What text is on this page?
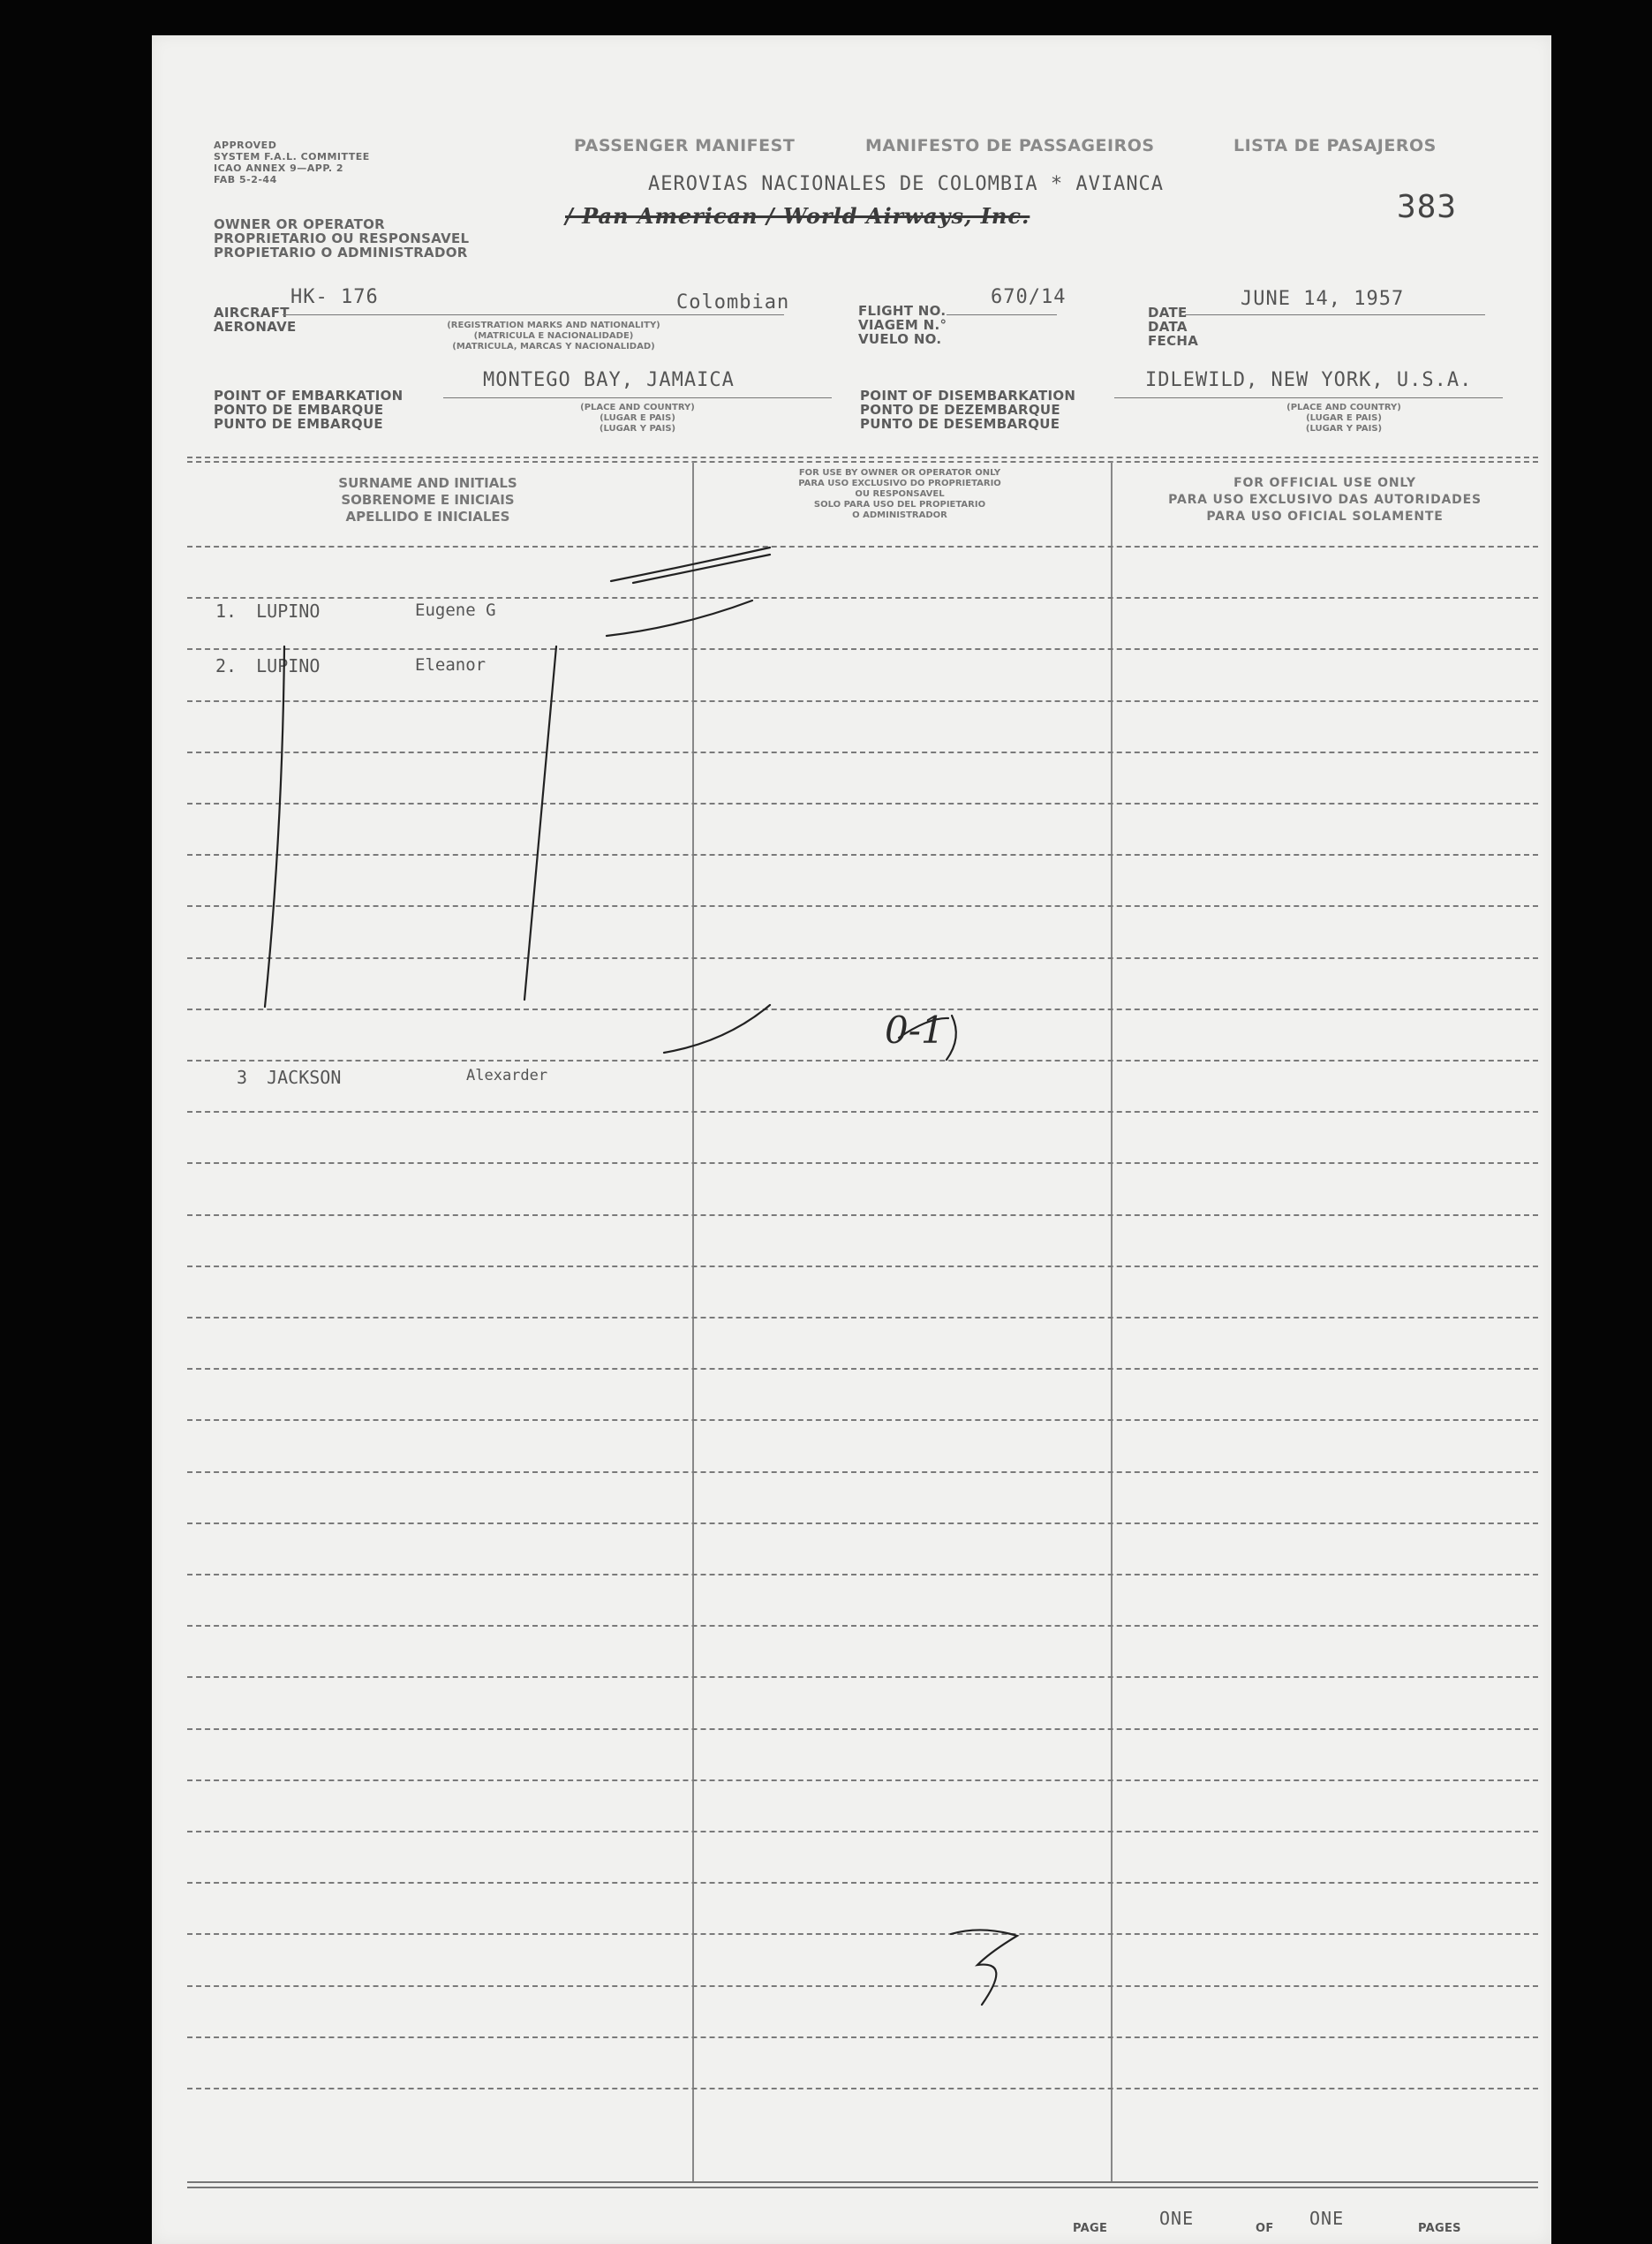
APPROVED
SYSTEM F.A.L. COMMITTEE
ICAO ANNEX 9—APP. 2
FAB 5-2-44
OWNER OR OPERATOR
PROPRIETARIO OU RESPONSAVEL
PROPIETARIO O ADMINISTRADOR
PASSENGER MANIFEST	MANIFESTO DE PASSAGEIROS	LISTA DE PASAJEROS
AEROVIAS NACIONALES DE COLOMBIA * AVIANCA
/ Pan American / World Airways, Inc.	383
AIRCRAFT
AERONAVE
HK- 176	Colombian
(REGISTRATION MARKS AND NATIONALITY)
(MATRICULA E NACIONALIDADE)
(MATRICULA, MARCAS Y NACIONALIDAD)
FLIGHT NO.
VIAGEM N.°
VUELO NO.
670/14
DATE
DATA
FECHA
JUNE 14, 1957
POINT OF EMBARKATION
PONTO DE EMBARQUE
PUNTO DE EMBARQUE
MONTEGO BAY, JAMAICA
(PLACE AND COUNTRY)
(LUGAR E PAIS)
(LUGAR Y PAIS)
POINT OF DISEMBARKATION
PONTO DE DEZEMBARQUE
PUNTO DE DESEMBARQUE
IDLEWILD, NEW YORK, U.S.A.
(PLACE AND COUNTRY)
(LUGAR E PAIS)
(LUGAR Y PAIS)
SURNAME AND INITIALS
SOBRENOME E INICIAIS
APELLIDO E INICIALES
FOR USE BY OWNER OR OPERATOR ONLY
PARA USO EXCLUSIVO DO PROPRIETARIO
OU RESPONSAVEL
SOLO PARA USO DEL PROPIETARIO
O ADMINISTRADOR
FOR OFFICIAL USE ONLY
PARA USO EXCLUSIVO DAS AUTORIDADES
PARA USO OFICIAL SOLAMENTE
1. LUPINO	Eugene G
2. LUPINO	Eleanor
3 JACKSON	Alexarder
0-1
PAGE	ONE	OF ONE	PAGES
